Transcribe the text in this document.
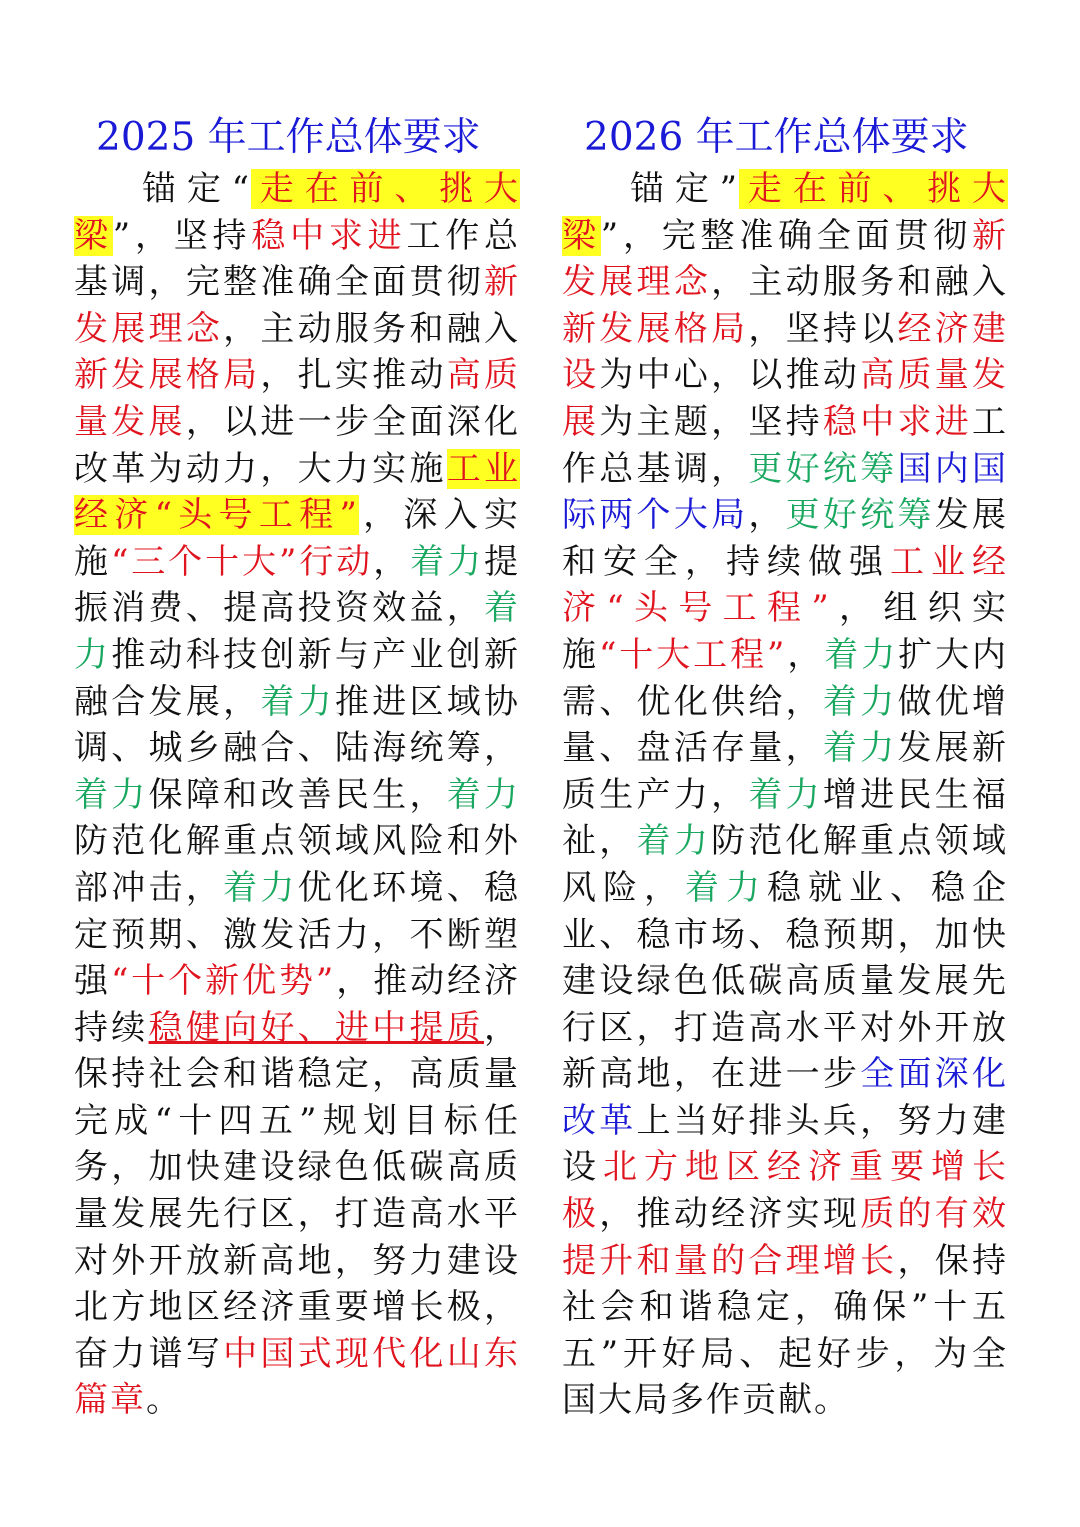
2025 年工作总体要求

锚定“走在前、挑大梁”，坚持稳中求进工作总基调，完整准确全面贯彻新发展理念，主动服务和融入新发展格局，扎实推动高质量发展，以进一步全面深化改革为动力，大力实施工业经济“头号工程”，深入实施“三个十大”行动，着力提振消费、提高投资效益，着力推动科技创新与产业创新融合发展，着力推进区域协调、城乡融合、陆海统筹，着力保障和改善民生，着力防范化解重点领域风险和外部冲击，着力优化环境、稳定预期、激发活力，不断塑强“十个新优势”，推动经济持续稳健向好、进中提质，保持社会和谐稳定，高质量完成“十四五”规划目标任务，加快建设绿色低碳高质量发展先行区，打造高水平对外开放新高地，努力建设北方地区经济重要增长极，奋力谱写中国式现代化山东篇章。

2026 年工作总体要求

锚定”走在前、挑大梁”，完整准确全面贯彻新发展理念，主动服务和融入新发展格局，坚持以经济建设为中心，以推动高质量发展为主题，坚持稳中求进工作总基调，更好统筹国内国际两个大局，更好统筹发展和安全，持续做强工业经济“头号工程”，组织实施“十大工程”，着力扩大内需、优化供给，着力做优增量、盘活存量，着力发展新质生产力，着力增进民生福祉，着力防范化解重点领域风险，着力稳就业、稳企业、稳市场、稳预期，加快建设绿色低碳高质量发展先行区，打造高水平对外开放新高地，在进一步全面深化改革上当好排头兵，努力建设北方地区经济重要增长极，推动经济实现质的有效提升和量的合理增长，保持社会和谐稳定，确保”十五五”开好局、起好步，为全国大局多作贡献。
